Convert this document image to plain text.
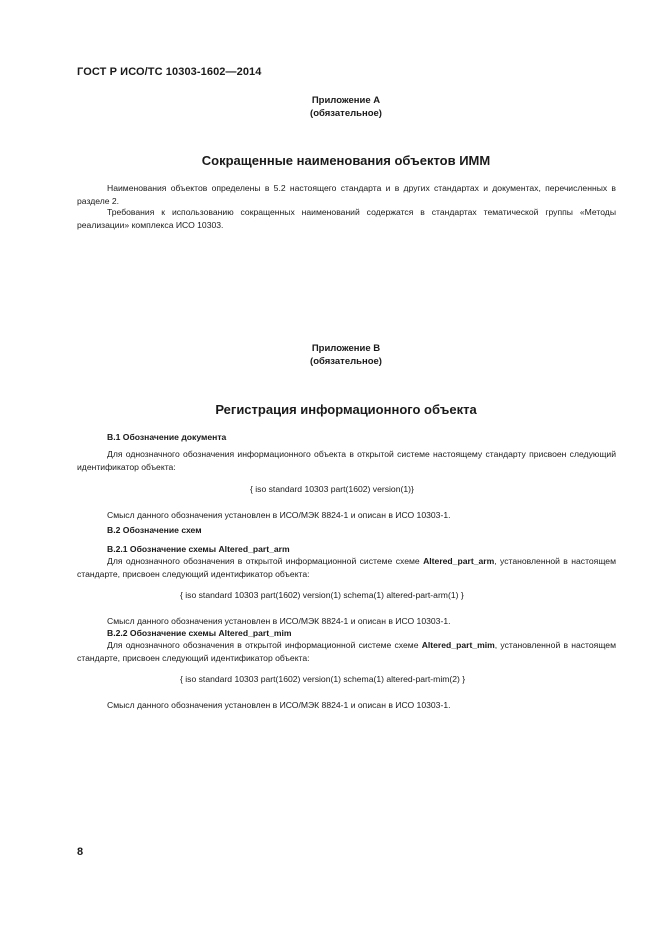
ГОСТ Р ИСО/ТС 10303-1602—2014
Приложение А
(обязательное)
Сокращенные наименования объектов ИММ
Наименования объектов определены в 5.2 настоящего стандарта и в других стандартах и документах, перечисленных в разделе 2.
Требования к использованию сокращенных наименований содержатся в стандартах тематической группы «Методы реализации» комплекса ИСО 10303.
Приложение В
(обязательное)
Регистрация информационного объекта
В.1 Обозначение документа
Для однозначного обозначения информационного объекта в открытой системе настоящему стандарту присвоен следующий идентификатор объекта:
{ iso standard 10303 part(1602) version(1)}
Смысл данного обозначения установлен в ИСО/МЭК 8824-1 и описан в ИСО 10303-1.
В.2 Обозначение схем
В.2.1 Обозначение схемы Altered_part_arm
Для однозначного обозначения в открытой информационной системе схеме Altered_part_arm, установленной в настоящем стандарте, присвоен следующий идентификатор объекта:
{ iso standard 10303 part(1602) version(1) schema(1) altered-part-arm(1) }
Смысл данного обозначения установлен в ИСО/МЭК 8824-1 и описан в ИСО 10303-1.
В.2.2 Обозначение схемы Altered_part_mim
Для однозначного обозначения в открытой информационной системе схеме Altered_part_mim, установленной в настоящем стандарте, присвоен следующий идентификатор объекта:
{ iso standard 10303 part(1602) version(1) schema(1) altered-part-mim(2) }
Смысл данного обозначения установлен в ИСО/МЭК 8824-1 и описан в ИСО 10303-1.
8
